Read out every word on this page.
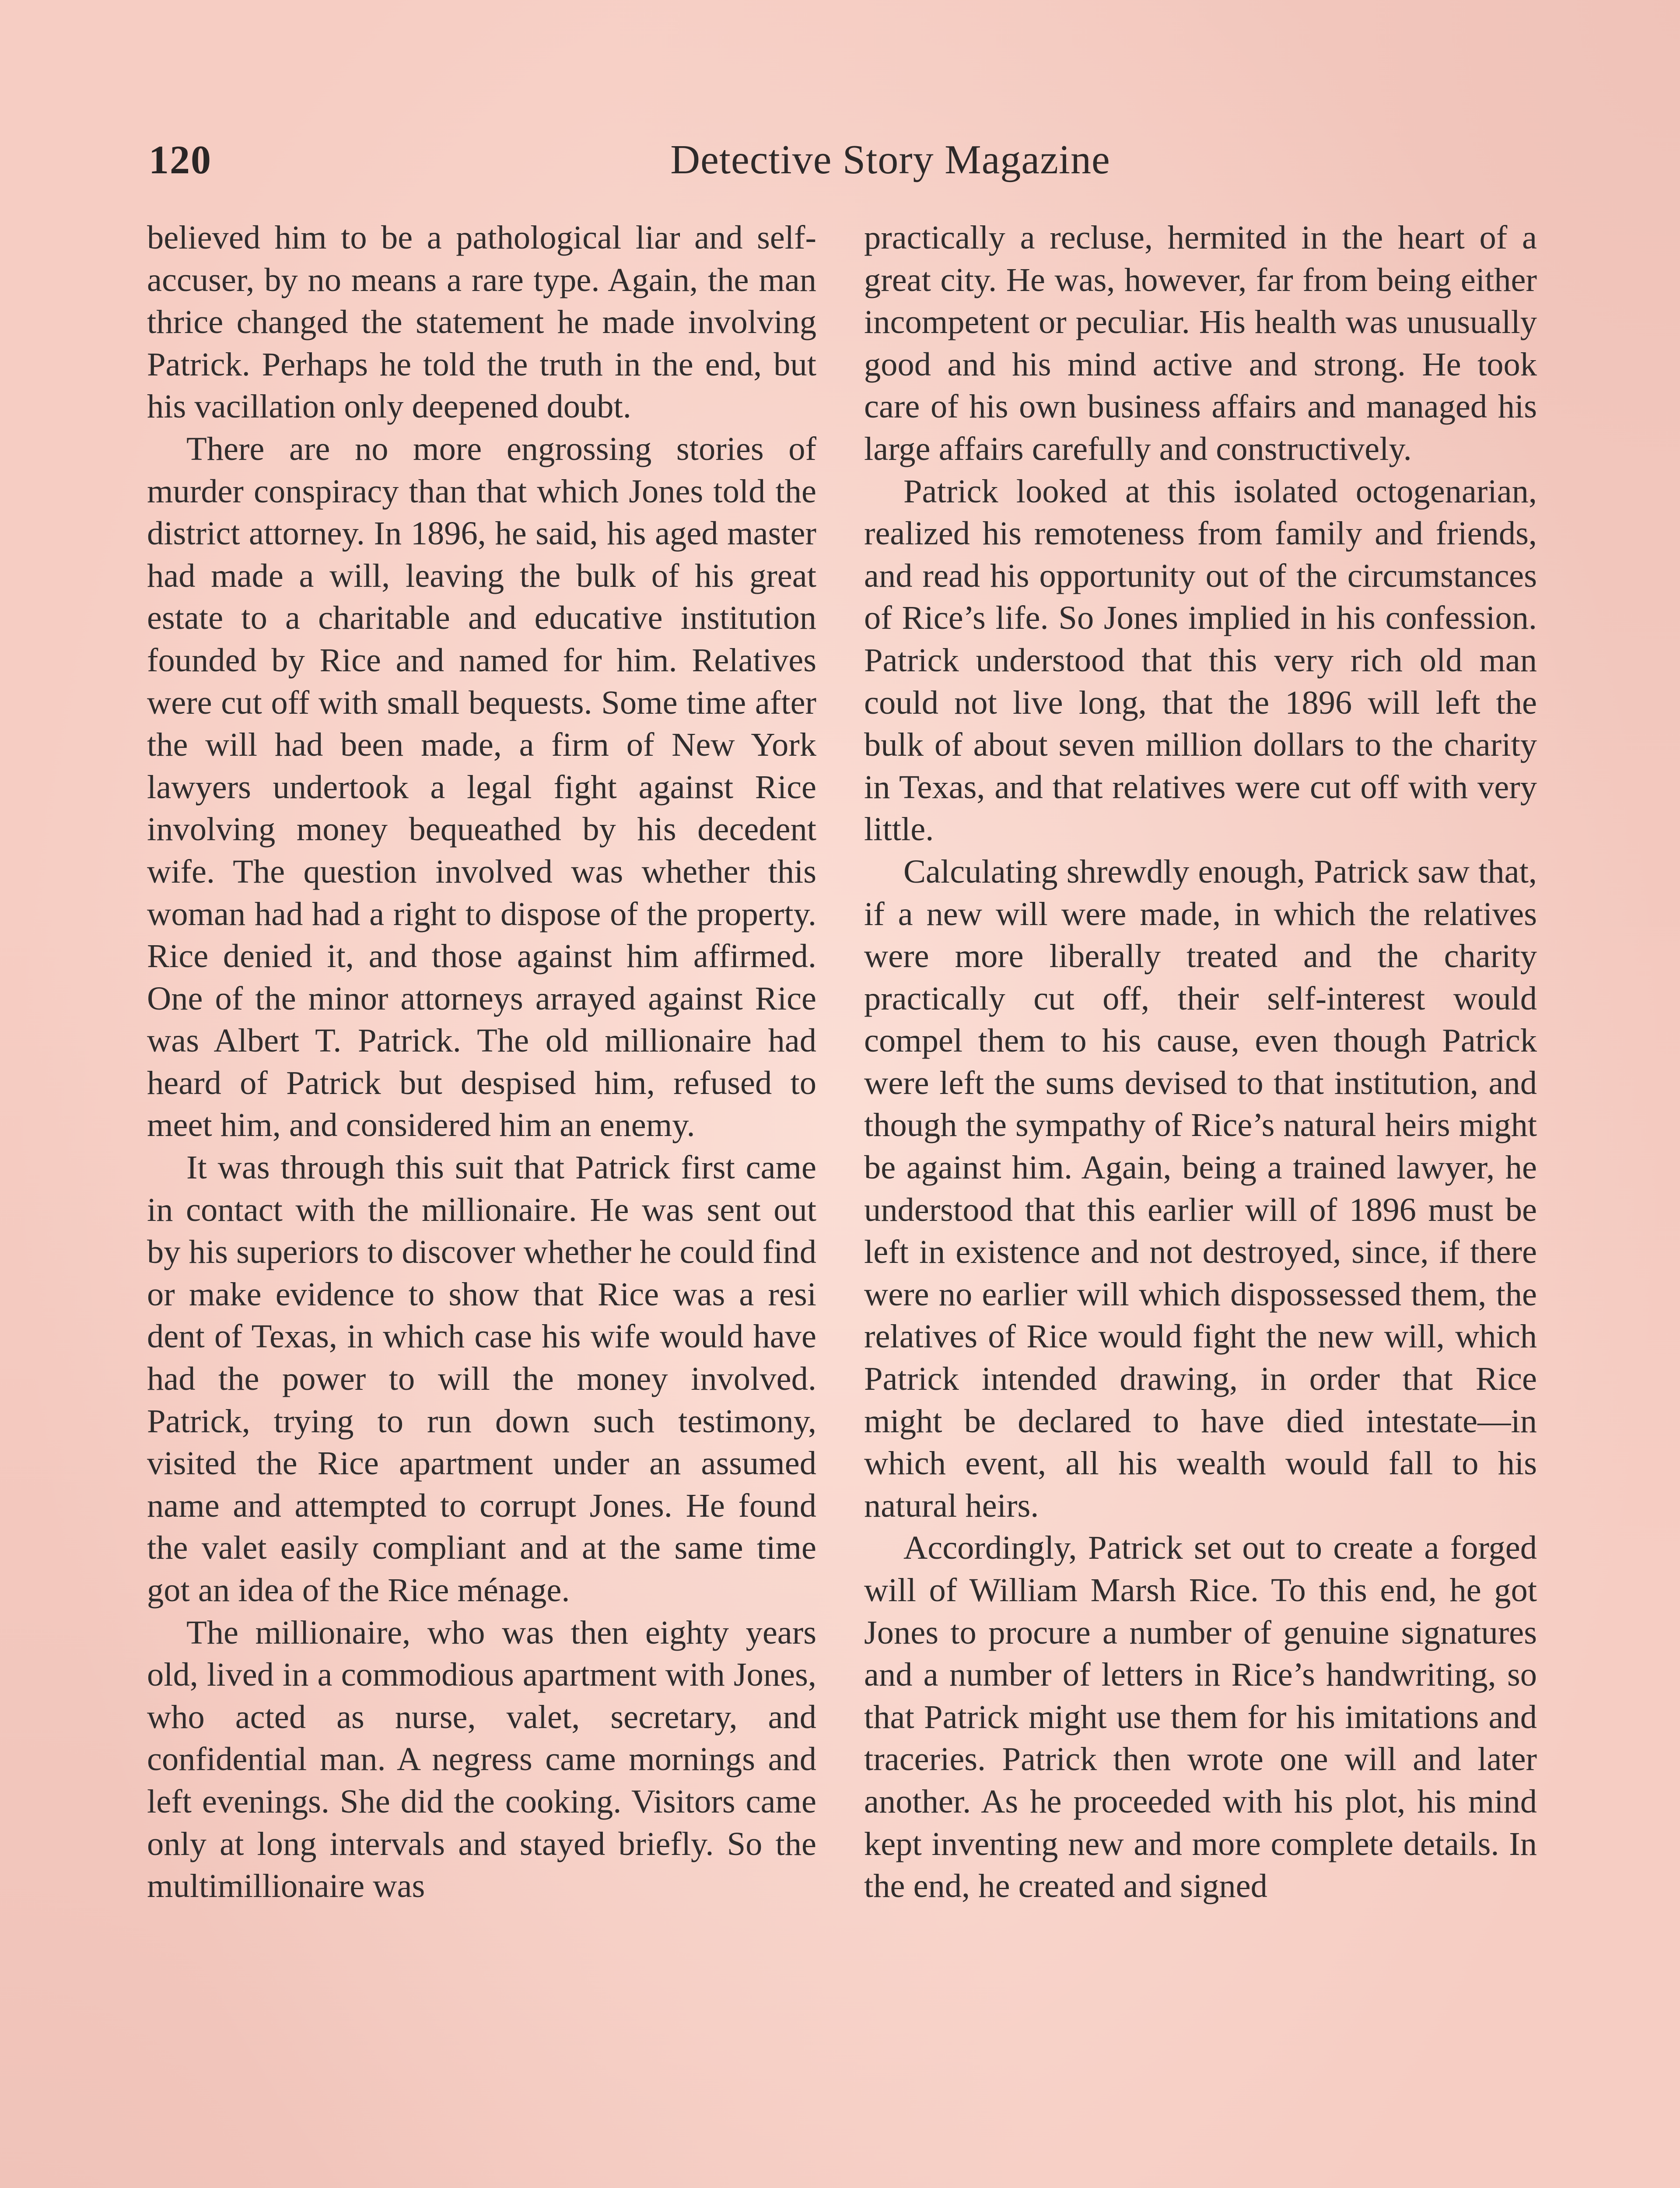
120	Detective Story Magazine

believed him to be a pathological liar and self-accuser, by no means a rare type. Again, the man thrice changed the statement he made involving Patrick. Perhaps he told the truth in the end, but his vacillation only deepened doubt.

There are no more engrossing stories of murder conspiracy than that which Jones told the district attorney. In 1896, he said, his aged master had made a will, leaving the bulk of his great estate to a charitable and educative institution founded by Rice and named for him. Relatives were cut off with small bequests. Some time after the will had been made, a firm of New York lawyers undertook a legal fight against Rice involving money bequeathed by his decedent wife. The question involved was whether this woman had had a right to dispose of the property. Rice denied it, and those against him affirmed. One of the minor attorneys arrayed against Rice was Albert T. Patrick. The old millionaire had heard of Patrick but despised him, refused to meet him, and considered him an enemy.

It was through this suit that Patrick first came in contact with the millionaire. He was sent out by his superiors to discover whether he could find or make evidence to show that Rice was a resi dent of Texas, in which case his wife would have had the power to will the money involved. Patrick, trying to run down such testimony, visited the Rice apartment under an assumed name and attempted to corrupt Jones. He found the valet easily compliant and at the same time got an idea of the Rice ménage.

The millionaire, who was then eighty years old, lived in a commodious apartment with Jones, who acted as nurse, valet, secretary, and confidential man. A negress came mornings and left evenings. She did the cooking. Visitors came only at long intervals and stayed briefly. So the multimillionaire was

practically a recluse, hermited in the heart of a great city. He was, however, far from being either incompetent or peculiar. His health was unusually good and his mind active and strong. He took care of his own business affairs and managed his large affairs carefully and constructively.

Patrick looked at this isolated octogenarian, realized his remoteness from family and friends, and read his opportunity out of the circumstances of Rice’s life. So Jones implied in his confession. Patrick understood that this very rich old man could not live long, that the 1896 will left the bulk of about seven million dollars to the charity in Texas, and that relatives were cut off with very little.

Calculating shrewdly enough, Patrick saw that, if a new will were made, in which the relatives were more liberally treated and the charity practically cut off, their self-interest would compel them to his cause, even though Patrick were left the sums devised to that institution, and though the sympathy of Rice’s natural heirs might be against him. Again, being a trained lawyer, he understood that this earlier will of 1896 must be left in existence and not destroyed, since, if there were no earlier will which dispossessed them, the relatives of Rice would fight the new will, which Patrick intended drawing, in order that Rice might be declared to have died intestate—in which event, all his wealth would fall to his natural heirs.

Accordingly, Patrick set out to create a forged will of William Marsh Rice. To this end, he got Jones to procure a number of genuine signatures and a number of letters in Rice’s handwriting, so that Patrick might use them for his imitations and traceries. Patrick then wrote one will and later another. As he proceeded with his plot, his mind kept inventing new and more complete details. In the end, he created and signed
